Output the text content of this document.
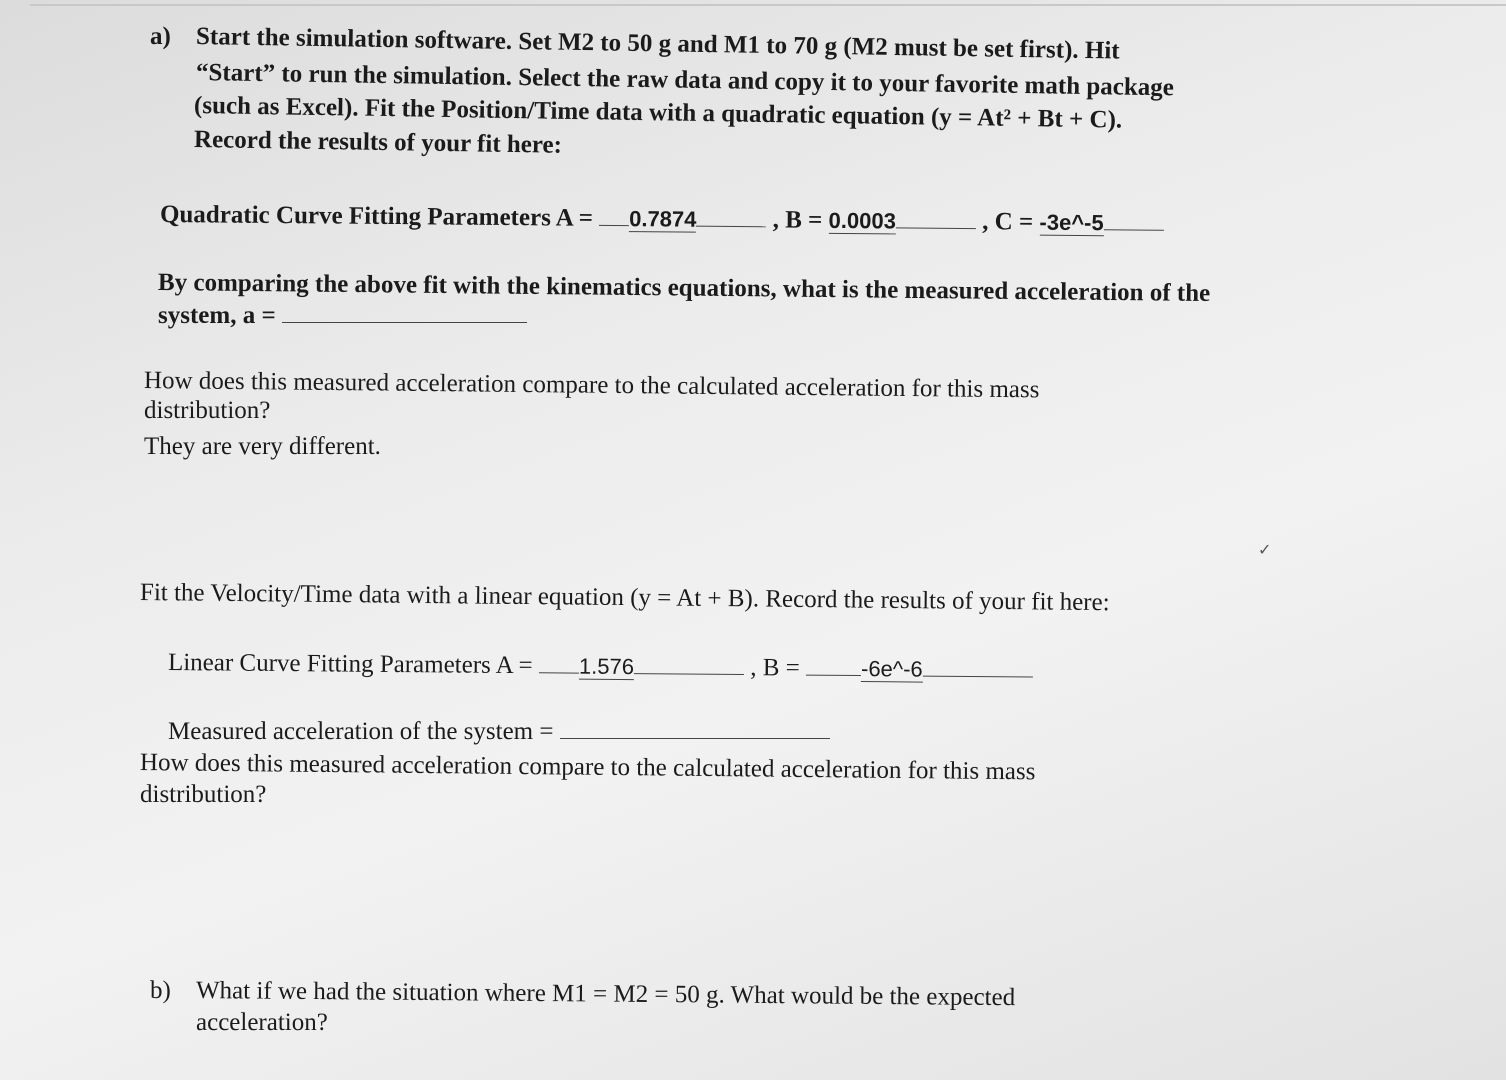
a) Start the simulation software. Set M2 to 50 g and M1 to 70 g (M2 must be set first). Hit
“Start” to run the simulation. Select the raw data and copy it to your favorite math package
(such as Excel). Fit the Position/Time data with a quadratic equation (y = At² + Bt + C).
Record the results of your fit here:
Quadratic Curve Fitting Parameters A = 0.7874	, B = 0.0003	, C = -3e^-5
By comparing the above fit with the kinematics equations, what is the measured acceleration of the
system, a =
How does this measured acceleration compare to the calculated acceleration for this mass
distribution?
They are very different.
✓
Fit the Velocity/Time data with a linear equation (y = At + B). Record the results of your fit here:
Linear Curve Fitting Parameters A = 1.576	, B =	-6e^-6
Measured acceleration of the system =
How does this measured acceleration compare to the calculated acceleration for this mass
distribution?
b) What if we had the situation where M1 = M2 = 50 g. What would be the expected
acceleration?
